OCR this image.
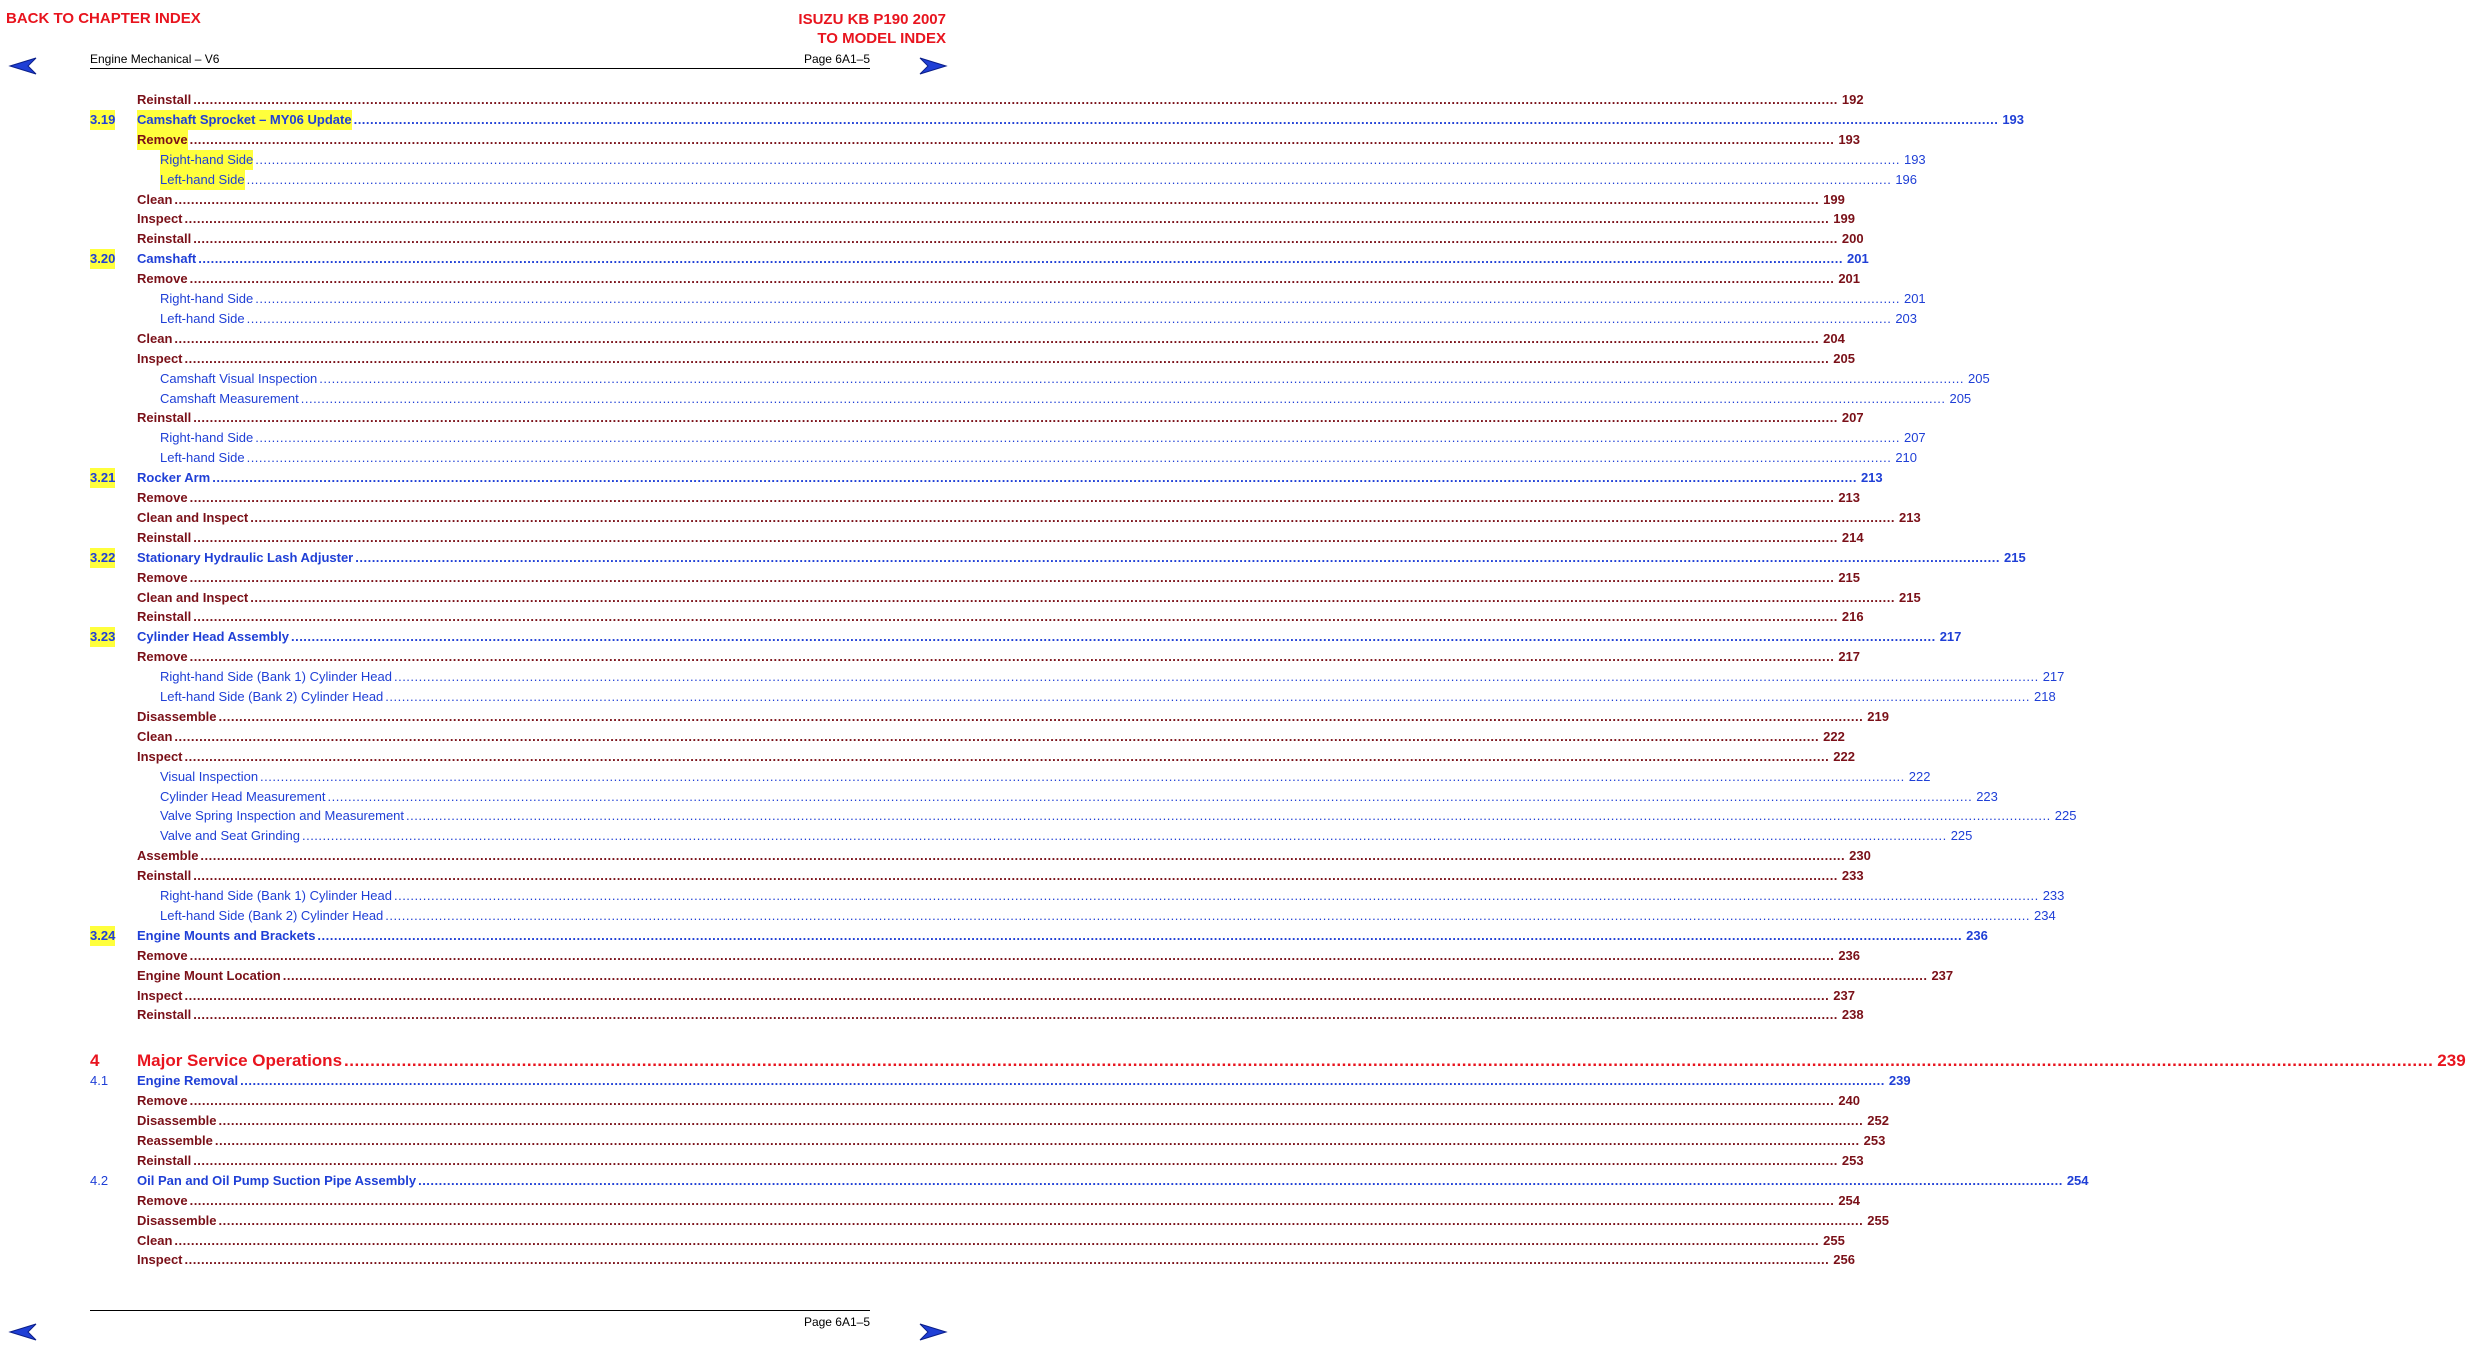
BACK TO CHAPTER INDEX	ISUZU KB P190 2007
TO MODEL INDEX
Engine Mechanical – V6	Page 6A1–5
Reinstall ................................................................................................................................................................................................................................................................................................................................................................................................................ 192
3.19 Camshaft Sprocket – MY06 Update ................................................................................................................................................................................................................................................................................................................................................................................................................ 193
Remove ................................................................................................................................................................................................................................................................................................................................................................................................................ 193
Right-hand Side ................................................................................................................................................................................................................................................................................................................................................................................................................ 193
Left-hand Side ................................................................................................................................................................................................................................................................................................................................................................................................................ 196
Clean ................................................................................................................................................................................................................................................................................................................................................................................................................ 199
Inspect ................................................................................................................................................................................................................................................................................................................................................................................................................ 199
Reinstall ................................................................................................................................................................................................................................................................................................................................................................................................................ 200
3.20 Camshaft ................................................................................................................................................................................................................................................................................................................................................................................................................ 201
Remove ................................................................................................................................................................................................................................................................................................................................................................................................................ 201
Right-hand Side ................................................................................................................................................................................................................................................................................................................................................................................................................ 201
Left-hand Side ................................................................................................................................................................................................................................................................................................................................................................................................................ 203
Clean ................................................................................................................................................................................................................................................................................................................................................................................................................ 204
Inspect ................................................................................................................................................................................................................................................................................................................................................................................................................ 205
Camshaft Visual Inspection ................................................................................................................................................................................................................................................................................................................................................................................................................ 205
Camshaft Measurement ................................................................................................................................................................................................................................................................................................................................................................................................................ 205
Reinstall ................................................................................................................................................................................................................................................................................................................................................................................................................ 207
Right-hand Side ................................................................................................................................................................................................................................................................................................................................................................................................................ 207
Left-hand Side ................................................................................................................................................................................................................................................................................................................................................................................................................ 210
3.21 Rocker Arm ................................................................................................................................................................................................................................................................................................................................................................................................................ 213
Remove ................................................................................................................................................................................................................................................................................................................................................................................................................ 213
Clean and Inspect ................................................................................................................................................................................................................................................................................................................................................................................................................ 213
Reinstall ................................................................................................................................................................................................................................................................................................................................................................................................................ 214
3.22 Stationary Hydraulic Lash Adjuster ................................................................................................................................................................................................................................................................................................................................................................................................................ 215
Remove ................................................................................................................................................................................................................................................................................................................................................................................................................ 215
Clean and Inspect ................................................................................................................................................................................................................................................................................................................................................................................................................ 215
Reinstall ................................................................................................................................................................................................................................................................................................................................................................................................................ 216
3.23 Cylinder Head Assembly ................................................................................................................................................................................................................................................................................................................................................................................................................ 217
Remove ................................................................................................................................................................................................................................................................................................................................................................................................................ 217
Right-hand Side (Bank 1) Cylinder Head ................................................................................................................................................................................................................................................................................................................................................................................................................ 217
Left-hand Side (Bank 2) Cylinder Head ................................................................................................................................................................................................................................................................................................................................................................................................................ 218
Disassemble ................................................................................................................................................................................................................................................................................................................................................................................................................ 219
Clean ................................................................................................................................................................................................................................................................................................................................................................................................................ 222
Inspect ................................................................................................................................................................................................................................................................................................................................................................................................................ 222
Visual Inspection ................................................................................................................................................................................................................................................................................................................................................................................................................ 222
Cylinder Head Measurement ................................................................................................................................................................................................................................................................................................................................................................................................................ 223
Valve Spring Inspection and Measurement ................................................................................................................................................................................................................................................................................................................................................................................................................ 225
Valve and Seat Grinding ................................................................................................................................................................................................................................................................................................................................................................................................................ 225
Assemble ................................................................................................................................................................................................................................................................................................................................................................................................................ 230
Reinstall ................................................................................................................................................................................................................................................................................................................................................................................................................ 233
Right-hand Side (Bank 1) Cylinder Head ................................................................................................................................................................................................................................................................................................................................................................................................................ 233
Left-hand Side (Bank 2) Cylinder Head ................................................................................................................................................................................................................................................................................................................................................................................................................ 234
3.24 Engine Mounts and Brackets ................................................................................................................................................................................................................................................................................................................................................................................................................ 236
Remove ................................................................................................................................................................................................................................................................................................................................................................................................................ 236
Engine Mount Location ................................................................................................................................................................................................................................................................................................................................................................................................................ 237
Inspect ................................................................................................................................................................................................................................................................................................................................................................................................................ 237
Reinstall ................................................................................................................................................................................................................................................................................................................................................................................................................ 238
4 Major Service Operations ................................................................................................................................................................................................................................................................................................................................................................................................................ 239
4.1 Engine Removal ................................................................................................................................................................................................................................................................................................................................................................................................................ 239
Remove ................................................................................................................................................................................................................................................................................................................................................................................................................ 240
Disassemble ................................................................................................................................................................................................................................................................................................................................................................................................................ 252
Reassemble ................................................................................................................................................................................................................................................................................................................................................................................................................ 253
Reinstall ................................................................................................................................................................................................................................................................................................................................................................................................................ 253
4.2 Oil Pan and Oil Pump Suction Pipe Assembly ................................................................................................................................................................................................................................................................................................................................................................................................................ 254
Remove ................................................................................................................................................................................................................................................................................................................................................................................................................ 254
Disassemble ................................................................................................................................................................................................................................................................................................................................................................................................................ 255
Clean ................................................................................................................................................................................................................................................................................................................................................................................................................ 255
Inspect ................................................................................................................................................................................................................................................................................................................................................................................................................ 256
Page 6A1–5
